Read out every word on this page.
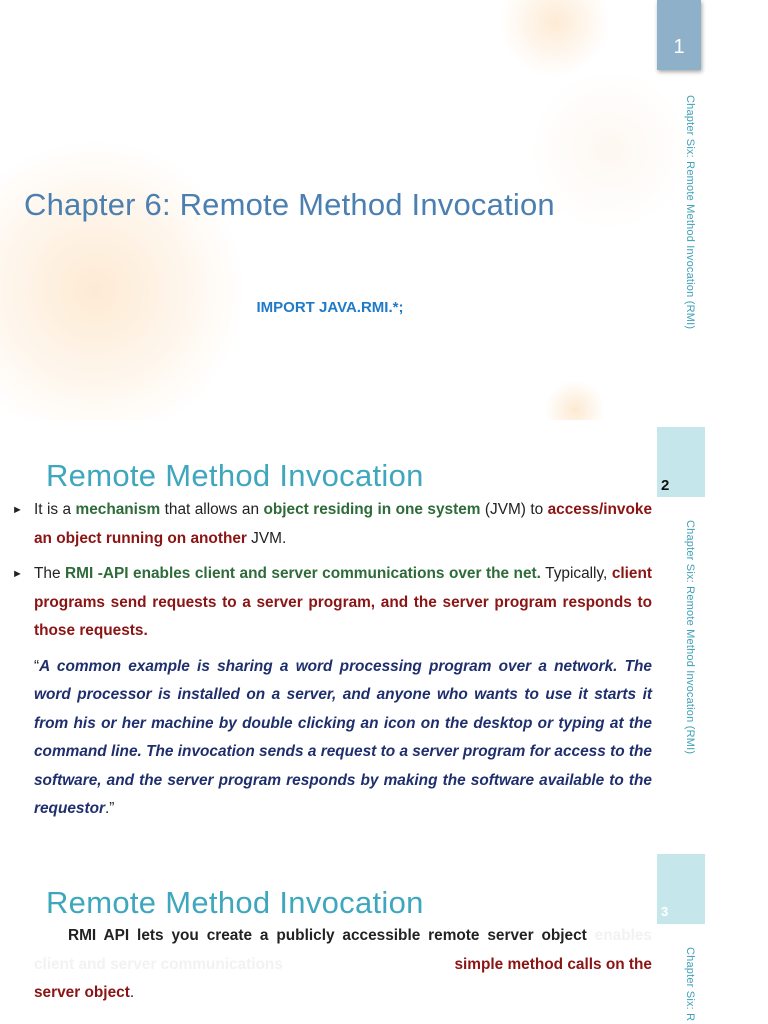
1
Chapter Six: Remote Method Invocation (RMI)
Chapter 6: Remote Method Invocation
IMPORT JAVA.RMI.*;
2
Chapter Six: Remote Method Invocation (RMI)
Remote Method Invocation

► It is a mechanism that allows an object residing in one system (JVM) to access/invoke an object running on another JVM.

► The RMI -API enables client and server communications over the net. Typically, client programs send requests to a server program, and the server program responds to those requests.

“A common example is sharing a word processing program over a network. The word processor is installed on a server, and anyone who wants to use it starts it from his or her machine by double clicking an icon on the desktop or typing at the command line. The invocation sends a request to a server program for access to the software, and the server program responds by making the software available to the requestor.”

3
Chapter Six: R
Remote Method Invocation

RMI API lets you create a publicly accessible remote server object enables client and server communications	simple method calls on the

server object.
